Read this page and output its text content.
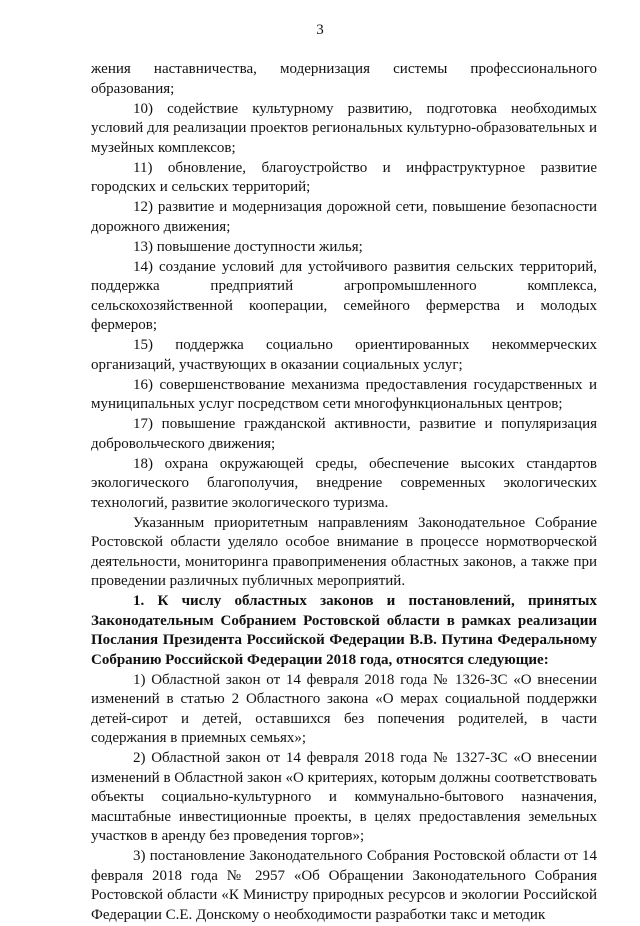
3

жения наставничества, модернизация системы профессионального образования;

10) содействие культурному развитию, подготовка необходимых условий для реализации проектов региональных культурно-образовательных и музейных комплексов;

11) обновление, благоустройство и инфраструктурное развитие городских и сельских территорий;

12) развитие и модернизация дорожной сети, повышение безопасности дорожного движения;

13) повышение доступности жилья;

14) создание условий для устойчивого развития сельских территорий, поддержка предприятий агропромышленного комплекса, сельскохозяйственной кооперации, семейного фермерства и молодых фермеров;

15) поддержка социально ориентированных некоммерческих организаций, участвующих в оказании социальных услуг;

16) совершенствование механизма предоставления государственных и муниципальных услуг посредством сети многофункциональных центров;

17) повышение гражданской активности, развитие и популяризация добровольческого движения;

18) охрана окружающей среды, обеспечение высоких стандартов экологического благополучия, внедрение современных экологических технологий, развитие экологического туризма.

Указанным приоритетным направлениям Законодательное Собрание Ростовской области уделяло особое внимание в процессе нормотворческой деятельности, мониторинга правоприменения областных законов, а также при проведении различных публичных мероприятий.

1. К числу областных законов и постановлений, принятых Законодательным Собранием Ростовской области в рамках реализации Послания Президента Российской Федерации В.В. Путина Федеральному Собранию Российской Федерации 2018 года, относятся следующие:

1) Областной закон от 14 февраля 2018 года № 1326-ЗС «О внесении изменений в статью 2 Областного закона «О мерах социальной поддержки детей-сирот и детей, оставшихся без попечения родителей, в части содержания в приемных семьях»;

2) Областной закон от 14 февраля 2018 года № 1327-ЗС «О внесении изменений в Областной закон «О критериях, которым должны соответствовать объекты социально-культурного и коммунально-бытового назначения, масштабные инвестиционные проекты, в целях предоставления земельных участков в аренду без проведения торгов»;

3) постановление Законодательного Собрания Ростовской области от 14 февраля 2018 года № 2957 «Об Обращении Законодательного Собрания Ростовской области «К Министру природных ресурсов и экологии Российской Федерации С.Е. Донскому о необходимости разработки такс и методик
